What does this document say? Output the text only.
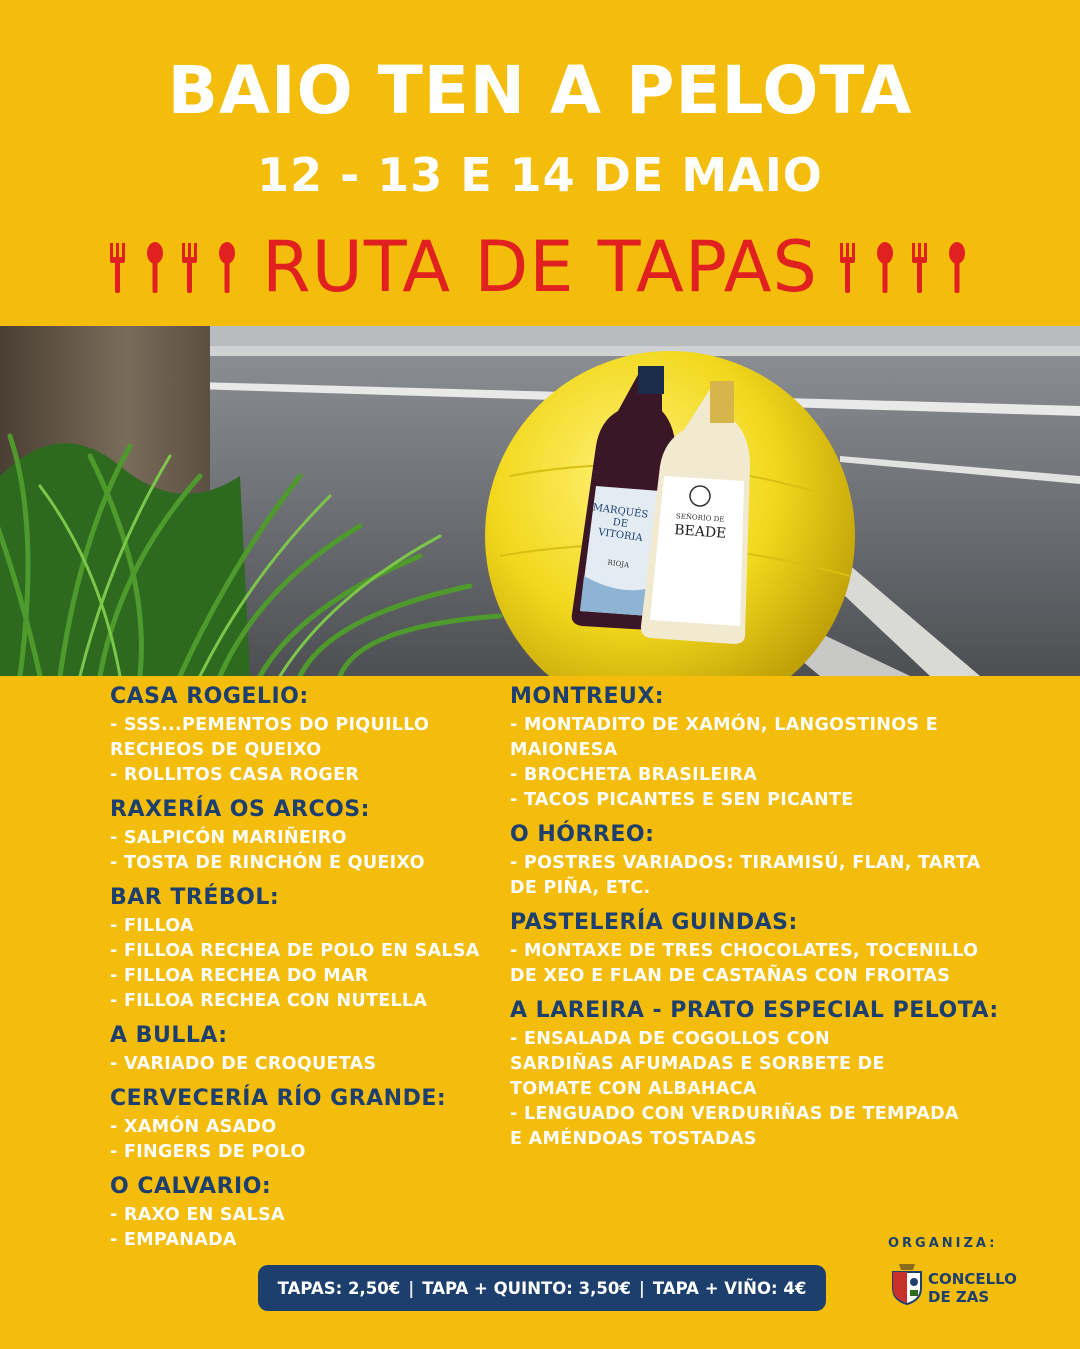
BAIO TEN A PELOTA
12 - 13 E 14 DE MAIO
RUTA DE TAPAS
MARQUÉS
DE
VITORIA
RIOJA
SEÑORÍO DE
BEADE
CASA ROGELIO:
- SSS...PEMENTOS DO PIQUILLO
RECHEOS DE QUEIXO
- ROLLITOS CASA ROGER
RAXERÍA OS ARCOS:
- SALPICÓN MARIÑEIRO
- TOSTA DE RINCHÓN E QUEIXO
BAR TRÉBOL:
- FILLOA
- FILLOA RECHEA DE POLO EN SALSA
- FILLOA RECHEA DO MAR
- FILLOA RECHEA CON NUTELLA
A BULLA:
- VARIADO DE CROQUETAS
CERVECERÍA RÍO GRANDE:
- XAMÓN ASADO
- FINGERS DE POLO
O CALVARIO:
- RAXO EN SALSA
- EMPANADA
MONTREUX:
- MONTADITO DE XAMÓN, LANGOSTINOS E
MAIONESA
- BROCHETA BRASILEIRA
- TACOS PICANTES E SEN PICANTE
O HÓRREO:
- POSTRES VARIADOS: TIRAMISÚ, FLAN, TARTA
DE PIÑA, ETC.
PASTELERÍA GUINDAS:
- MONTAXE DE TRES CHOCOLATES, TOCENILLO
DE XEO E FLAN DE CASTAÑAS CON FROITAS
A LAREIRA - PRATO ESPECIAL PELOTA:
- ENSALADA DE COGOLLOS CON
SARDIÑAS AFUMADAS E SORBETE DE
TOMATE CON ALBAHACA
- LENGUADO CON VERDURIÑAS DE TEMPADA
E AMÉNDOAS TOSTADAS
TAPAS: 2,50€ | TAPA + QUINTO: 3,50€ | TAPA + VIÑO: 4€
ORGANIZA:
CONCELLO
DE ZAS
